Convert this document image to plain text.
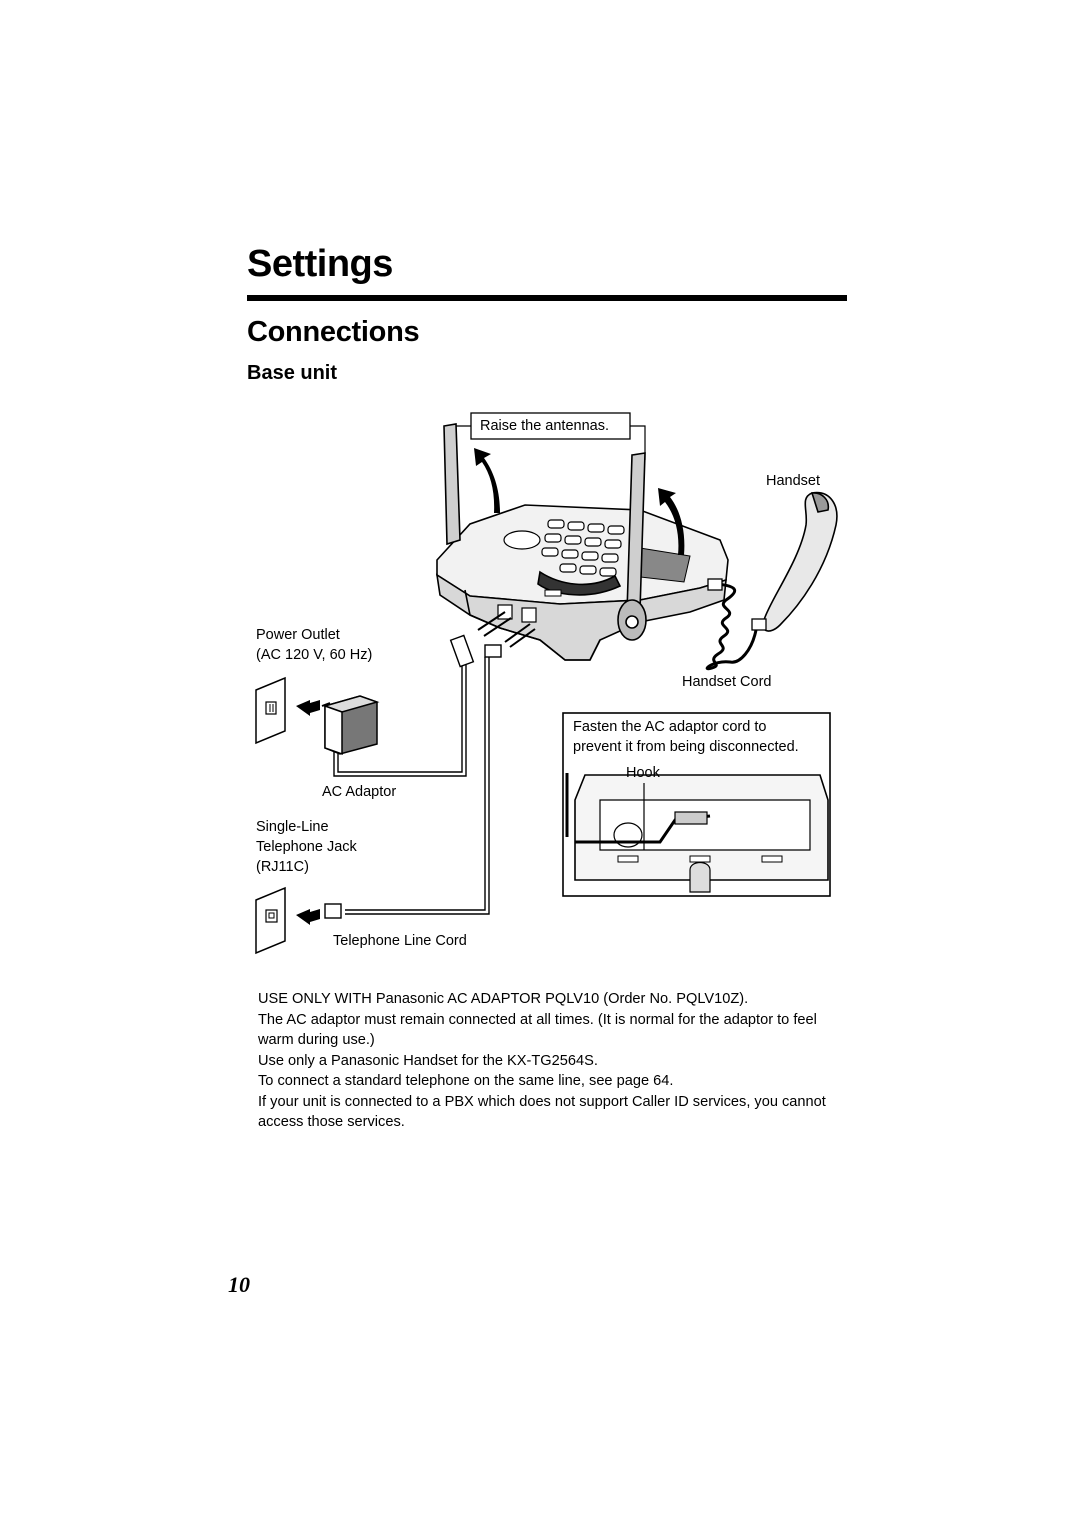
Settings
Connections
Base unit
Raise the antennas.
Handset
Power Outlet
(AC 120 V, 60 Hz)
Handset Cord
Fasten the AC adaptor cord to
prevent it from being disconnected.
Hook
AC Adaptor
Single-Line
Telephone Jack
(RJ11C)
Telephone Line Cord

USE ONLY WITH Panasonic AC ADAPTOR PQLV10 (Order No. PQLV10Z).

The AC adaptor must remain connected at all times. (It is normal for the adaptor to feel warm during use.)

Use only a Panasonic Handset for the KX-TG2564S.

To connect a standard telephone on the same line, see page 64.

If your unit is connected to a PBX which does not support Caller ID services, you cannot access those services.

10
